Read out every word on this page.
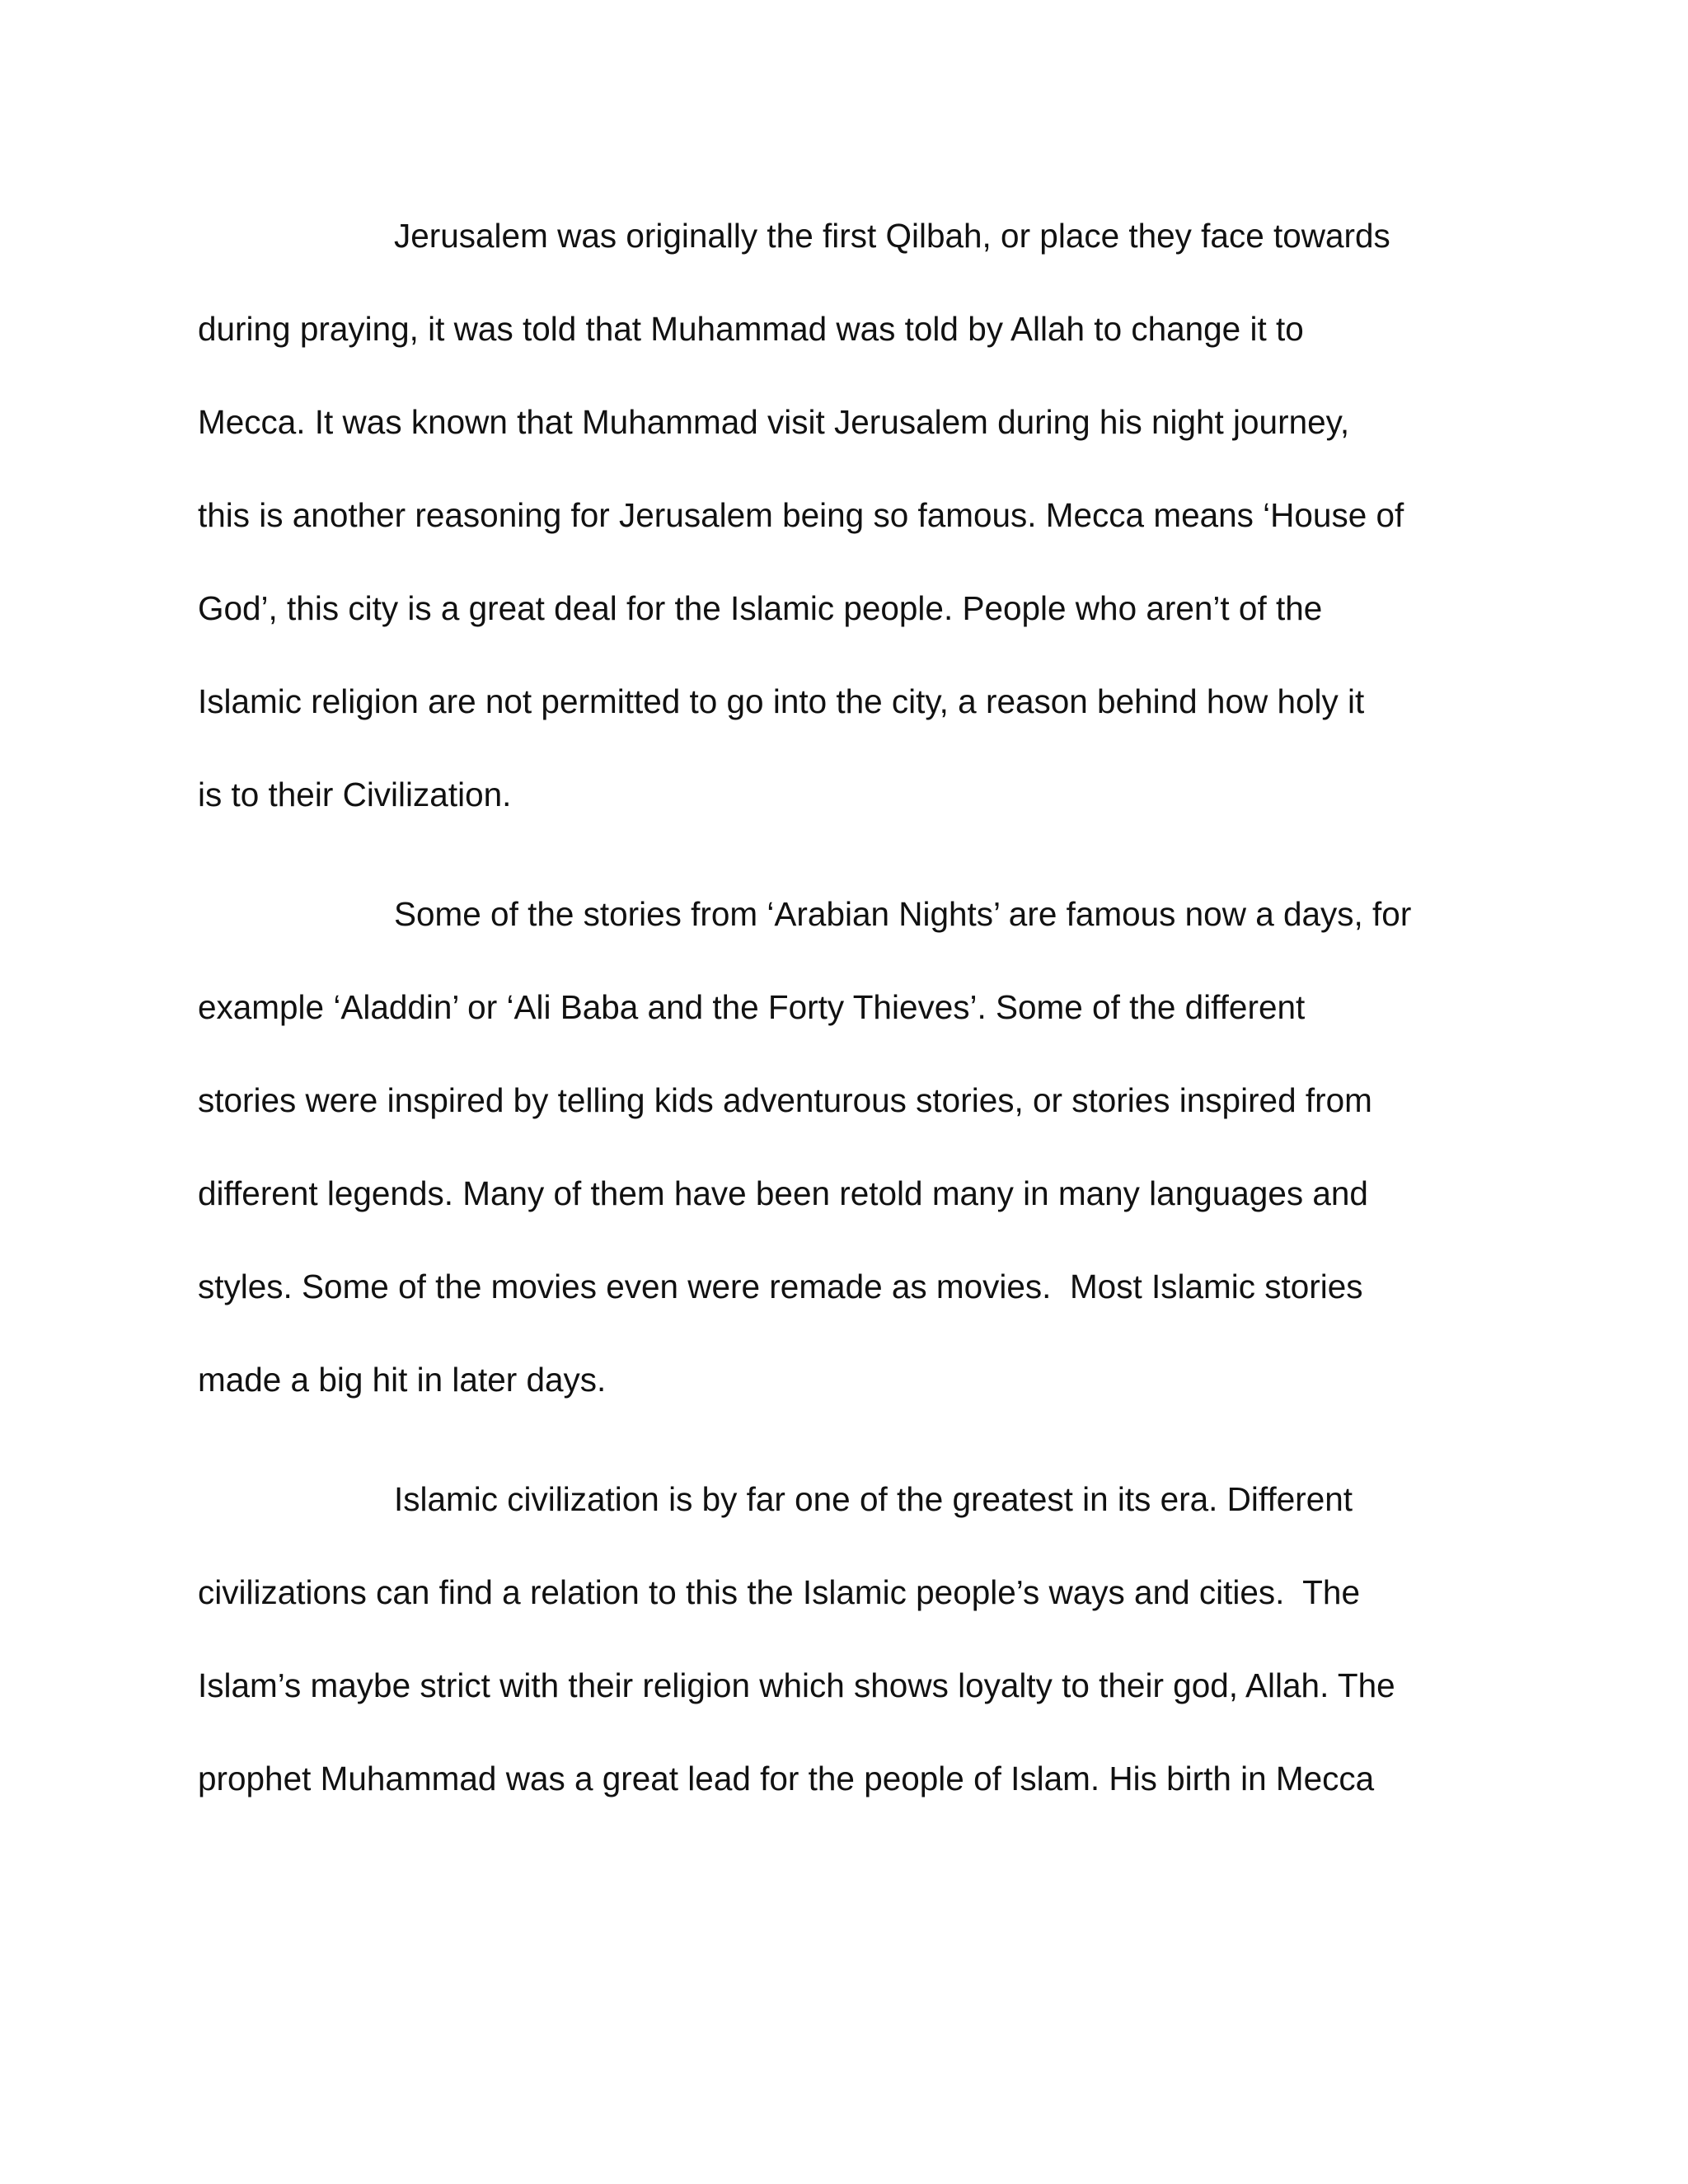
Jerusalem was originally the first Qilbah, or place they face towards
during praying, it was told that Muhammad was told by Allah to change it to
Mecca. It was known that Muhammad visit Jerusalem during his night journey,
this is another reasoning for Jerusalem being so famous. Mecca means ‘House of
God’, this city is a great deal for the Islamic people. People who aren’t of the
Islamic religion are not permitted to go into the city, a reason behind how holy it
is to their Civilization.
Some of the stories from ‘Arabian Nights’ are famous now a days, for
example ‘Aladdin’ or ‘Ali Baba and the Forty Thieves’. Some of the different
stories were inspired by telling kids adventurous stories, or stories inspired from
different legends. Many of them have been retold many in many languages and
styles. Some of the movies even were remade as movies.  Most Islamic stories
made a big hit in later days.
Islamic civilization is by far one of the greatest in its era. Different
civilizations can find a relation to this the Islamic people’s ways and cities.  The
Islam’s maybe strict with their religion which shows loyalty to their god, Allah. The
prophet Muhammad was a great lead for the people of Islam. His birth in Mecca
